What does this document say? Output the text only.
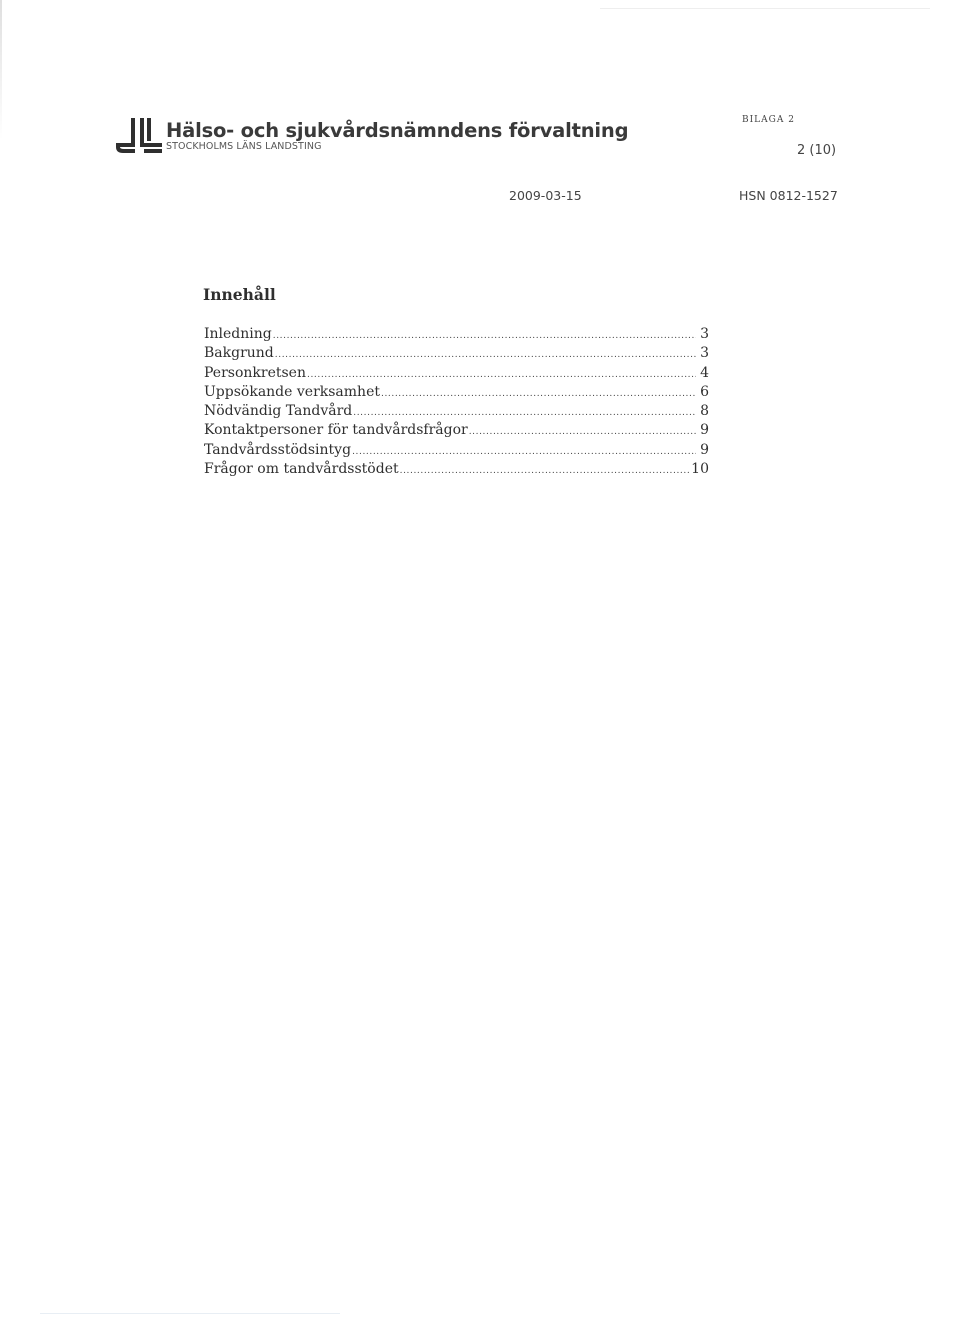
Hälso- och sjukvårdsnämndens förvaltning
STOCKHOLMS LÄNS LANDSTING
BILAGA 2
2 (10)
2009-03-15	HSN 0812-1527
Innehåll
Inledning .....	3
Bakgrund .....	3
Personkretsen .....	4
Uppsökande verksamhet .....	6
Nödvändig Tandvård .....	8
Kontaktpersoner för tandvårdsfrågor .....	9
Tandvårdsstödsintyg .....	9
Frågor om tandvårdsstödet .....	10
